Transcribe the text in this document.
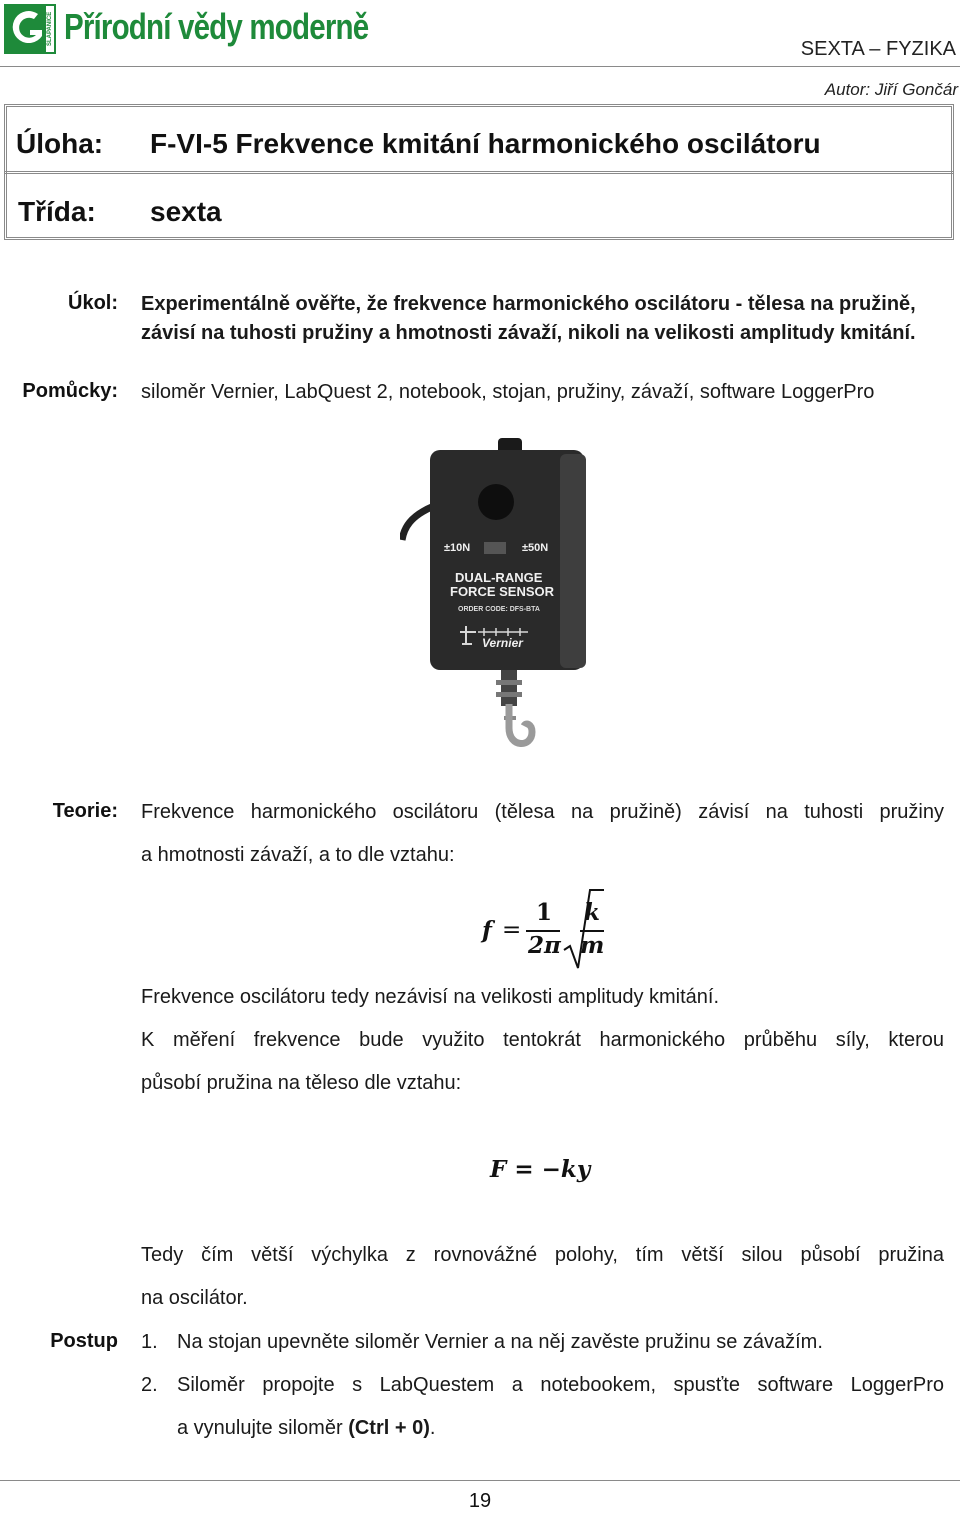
ŠLAPANICE Přírodní vědy moderně
SEXTA – FYZIKA
Autor: Jiří Gončár
Úloha: F-VI-5 Frekvence kmitání harmonického oscilátoru
Třída: sexta
Úkol: Experimentálně ověřte, že frekvence harmonického oscilátoru - tělesa na pružině,
závisí na tuhosti pružiny a hmotnosti závaží, nikoli na velikosti amplitudy kmitání.
Pomůcky: siloměr Vernier, LabQuest 2, notebook, stojan, pružiny, závaží, software LoggerPro
±10N	±50N
DUAL-RANGE
FORCE SENSOR
ORDER CODE: DFS-BTA
Vernier
Teorie: Frekvence harmonického oscilátoru (tělesa na pružině) závisí na tuhosti pružiny
a hmotnosti závaží, a to dle vztahu:
f =
1
2π
k
m
Frekvence oscilátoru tedy nezávisí na velikosti amplitudy kmitání.
K měření frekvence bude využito tentokrát harmonického průběhu síly, kterou
působí pružina na těleso dle vztahu:
F = −ky
Tedy čím větší výchylka z rovnovážné polohy, tím větší silou působí pružina
na oscilátor.
Postup 1. Na stojan upevněte siloměr Vernier a na něj zavěste pružinu se závažím.
2. Siloměr propojte s LabQuestem a notebookem, spusťte software LoggerPro
a vynulujte siloměr (Ctrl + 0).
19
